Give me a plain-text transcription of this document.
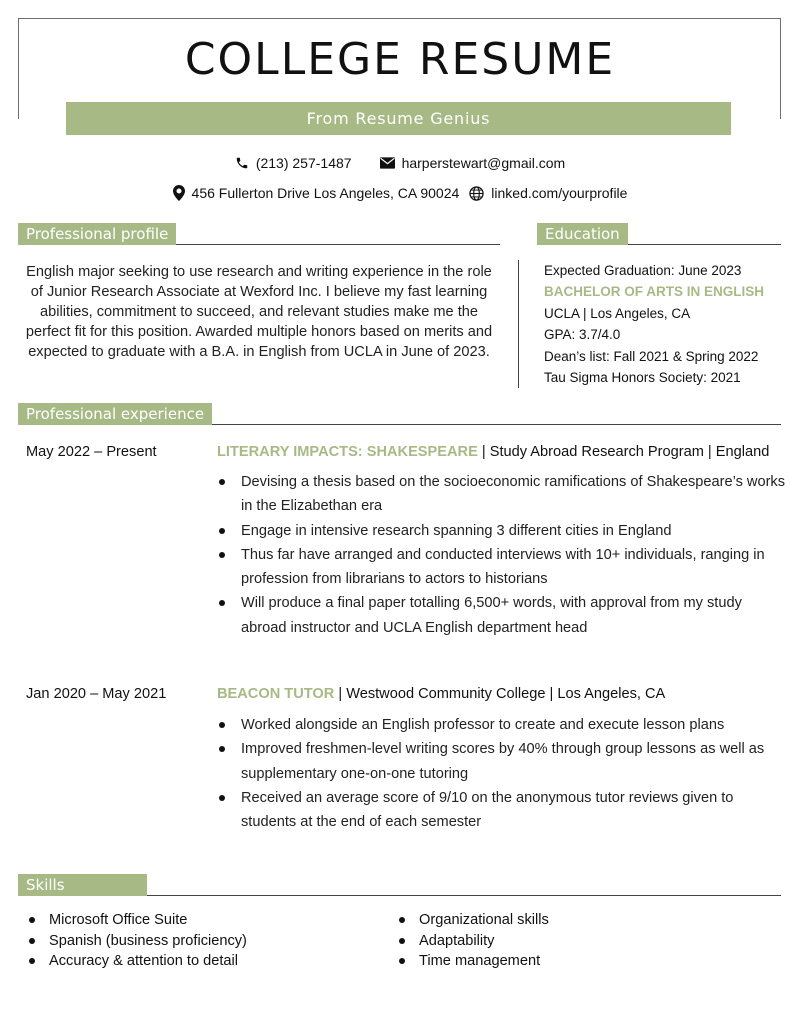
COLLEGE RESUME
From Resume Genius
(213) 257-1487	harperstewart@gmail.com
456 Fullerton Drive Los Angeles, CA 90024 linked.com/yourprofile
Professional profile
English major seeking to use research and writing experience in the role of Junior Research Associate at Wexford Inc. I believe my fast learning abilities, commitment to succeed, and relevant studies make me the perfect fit for this position. Awarded multiple honors based on merits and expected to graduate with a B.A. in English from UCLA in June of 2023.
Education
Expected Graduation: June 2023
BACHELOR OF ARTS IN ENGLISH
UCLA | Los Angeles, CA
GPA: 3.7/4.0
Dean’s list: Fall 2021 & Spring 2022
Tau Sigma Honors Society: 2021
Professional experience
May 2022 – Present	LITERARY IMPACTS: SHAKESPEARE | Study Abroad Research Program | England
Devising a thesis based on the socioeconomic ramifications of Shakespeare’s works in the Elizabethan era
Engage in intensive research spanning 3 different cities in England
Thus far have arranged and conducted interviews with 10+ individuals, ranging in profession from librarians to actors to historians
Will produce a final paper totalling 6,500+ words, with approval from my study abroad instructor and UCLA English department head
Jan 2020 – May 2021	BEACON TUTOR | Westwood Community College | Los Angeles, CA
Worked alongside an English professor to create and execute lesson plans
Improved freshmen-level writing scores by 40% through group lessons as well as supplementary one-on-one tutoring
Received an average score of 9/10 on the anonymous tutor reviews given to students at the end of each semester
Skills
Microsoft Office Suite
Spanish (business proficiency)
Accuracy & attention to detail
Organizational skills
Adaptability
Time management
